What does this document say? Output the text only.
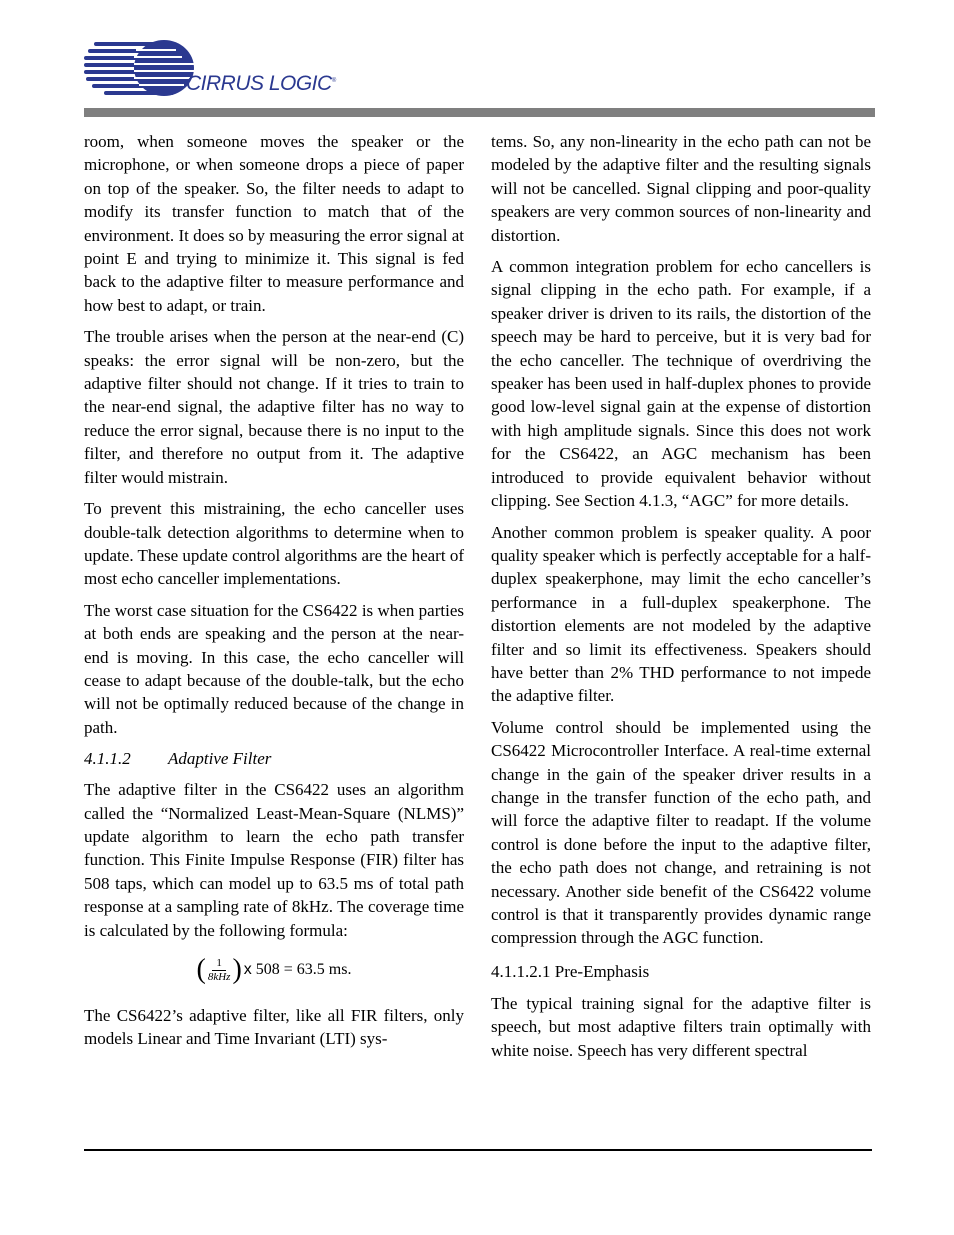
CIRRUS LOGIC®

room, when someone moves the speaker or the microphone, or when someone drops a piece of paper on top of the speaker. So, the filter needs to adapt to modify its transfer function to match that of the environment. It does so by measuring the error signal at point E and trying to minimize it. This signal is fed back to the adaptive filter to measure performance and how best to adapt, or train.

The trouble arises when the person at the near-end (C) speaks: the error signal will be non-zero, but the adaptive filter should not change. If it tries to train to the near-end signal, the adaptive filter has no way to reduce the error signal, because there is no input to the filter, and therefore no output from it. The adaptive filter would mistrain.

To prevent this mistraining, the echo canceller uses double-talk detection algorithms to determine when to update. These update control algorithms are the heart of most echo canceller implementations.

The worst case situation for the CS6422 is when parties at both ends are speaking and the person at the near-end is moving. In this case, the echo canceller will cease to adapt because of the double-talk, but the echo will not be optimally reduced because of the change in path.

4.1.1.2 Adaptive Filter

The adaptive filter in the CS6422 uses an algorithm called the “Normalized Least-Mean-Square (NLMS)” update algorithm to learn the echo path transfer function. This Finite Impulse Response (FIR) filter has 508 taps, which can model up to 63.5 ms of total path response at a sampling rate of 8kHz. The coverage time is calculated by the following formula:

( $\frac{1}{\text{8kHz}}$ ) x 508 = 63.5 ms.

The CS6422’s adaptive filter, like all FIR filters, only models Linear and Time Invariant (LTI) sys-

tems. So, any non-linearity in the echo path can not be modeled by the adaptive filter and the resulting signals will not be cancelled. Signal clipping and poor-quality speakers are very common sources of non-linearity and distortion.

A common integration problem for echo cancellers is signal clipping in the echo path. For example, if a speaker driver is driven to its rails, the distortion of the speech may be hard to perceive, but it is very bad for the echo canceller. The technique of overdriving the speaker has been used in half-duplex phones to provide good low-level signal gain at the expense of distortion with high amplitude signals. Since this does not work for the CS6422, an AGC mechanism has been introduced to provide equivalent behavior without clipping. See Section 4.1.3, “AGC” for more details.

Another common problem is speaker quality. A poor quality speaker which is perfectly acceptable for a half-duplex speakerphone, may limit the echo canceller’s performance in a full-duplex speakerphone. The distortion elements are not modeled by the adaptive filter and so limit its effectiveness. Speakers should have better than 2% THD performance to not impede the adaptive filter.

Volume control should be implemented using the CS6422 Microcontroller Interface. A real-time external change in the gain of the speaker driver results in a change in the transfer function of the echo path, and will force the adaptive filter to readapt. If the volume control is done before the input to the adaptive filter, the echo path does not change, and retraining is not necessary. Another side benefit of the CS6422 volume control is that it transparently provides dynamic range compression through the AGC function.

4.1.1.2.1 Pre-Emphasis

The typical training signal for the adaptive filter is speech, but most adaptive filters train optimally with white noise. Speech has very different spectral
